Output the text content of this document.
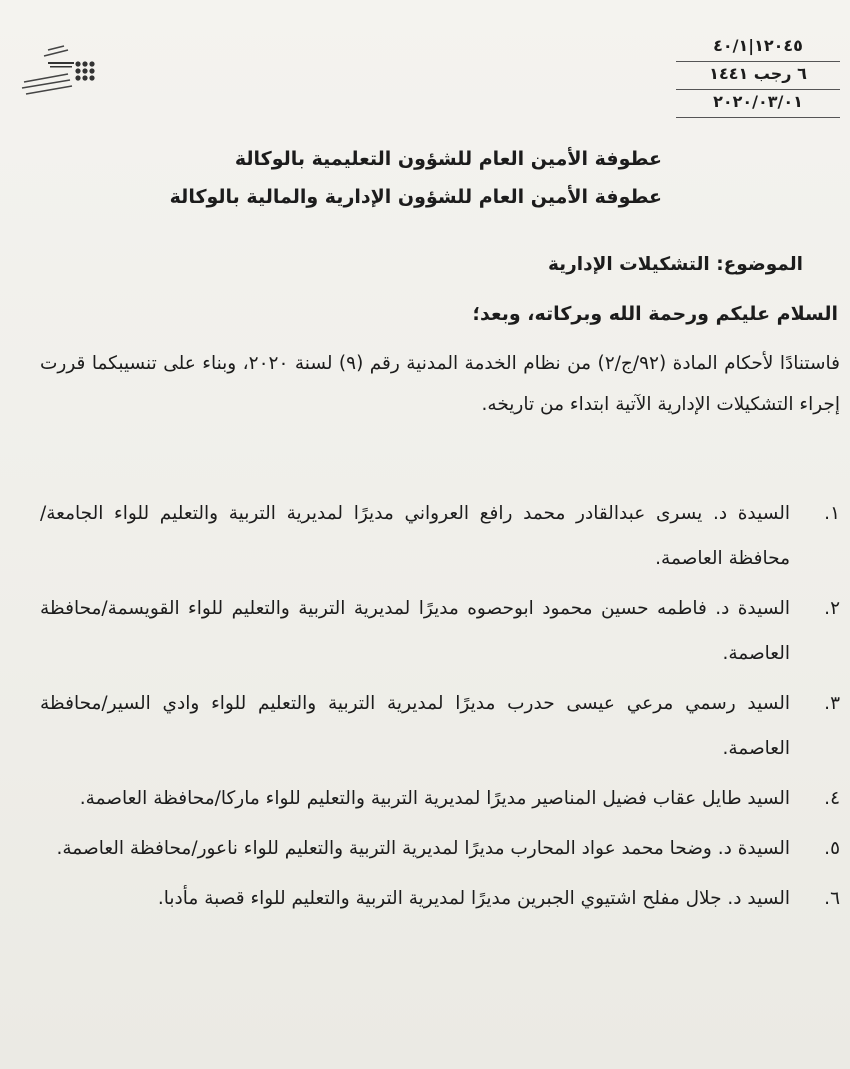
١٢٠٤٥|٤٠/١
٦ رجب ١٤٤١
٢٠٢٠/٠٣/٠١
عطوفة الأمين العام للشؤون التعليمية بالوكالة
عطوفة الأمين العام للشؤون الإدارية والمالية بالوكالة
الموضوع: التشكيلات الإدارية
السلام عليكم ورحمة الله وبركاته، وبعد؛
فاستنادًا لأحكام المادة (٩٢/ج/٢) من نظام الخدمة المدنية رقم (٩) لسنة ٢٠٢٠، وبناء على تنسيبكما قررت إجراء التشكيلات الإدارية الآتية ابتداء من تاريخه.
١.
السيدة د. يسرى عبدالقادر محمد رافع العرواني مديرًا لمديرية التربية والتعليم للواء الجامعة/محافظة العاصمة.
٢.
السيدة د. فاطمه حسين محمود ابوحصوه مديرًا لمديرية التربية والتعليم للواء القويسمة/محافظة العاصمة.
٣.
السيد رسمي مرعي عيسى حدرب مديرًا لمديرية التربية والتعليم للواء وادي السير/محافظة العاصمة.
٤.
السيد طايل عقاب فضيل المناصير مديرًا لمديرية التربية والتعليم للواء ماركا/محافظة العاصمة.
٥.
السيدة د. وضحا محمد عواد المحارب مديرًا لمديرية التربية والتعليم للواء ناعور/محافظة العاصمة.
٦.
السيد د. جلال مفلح اشتيوي الجبرين مديرًا لمديرية التربية والتعليم للواء قصبة مأدبا.
